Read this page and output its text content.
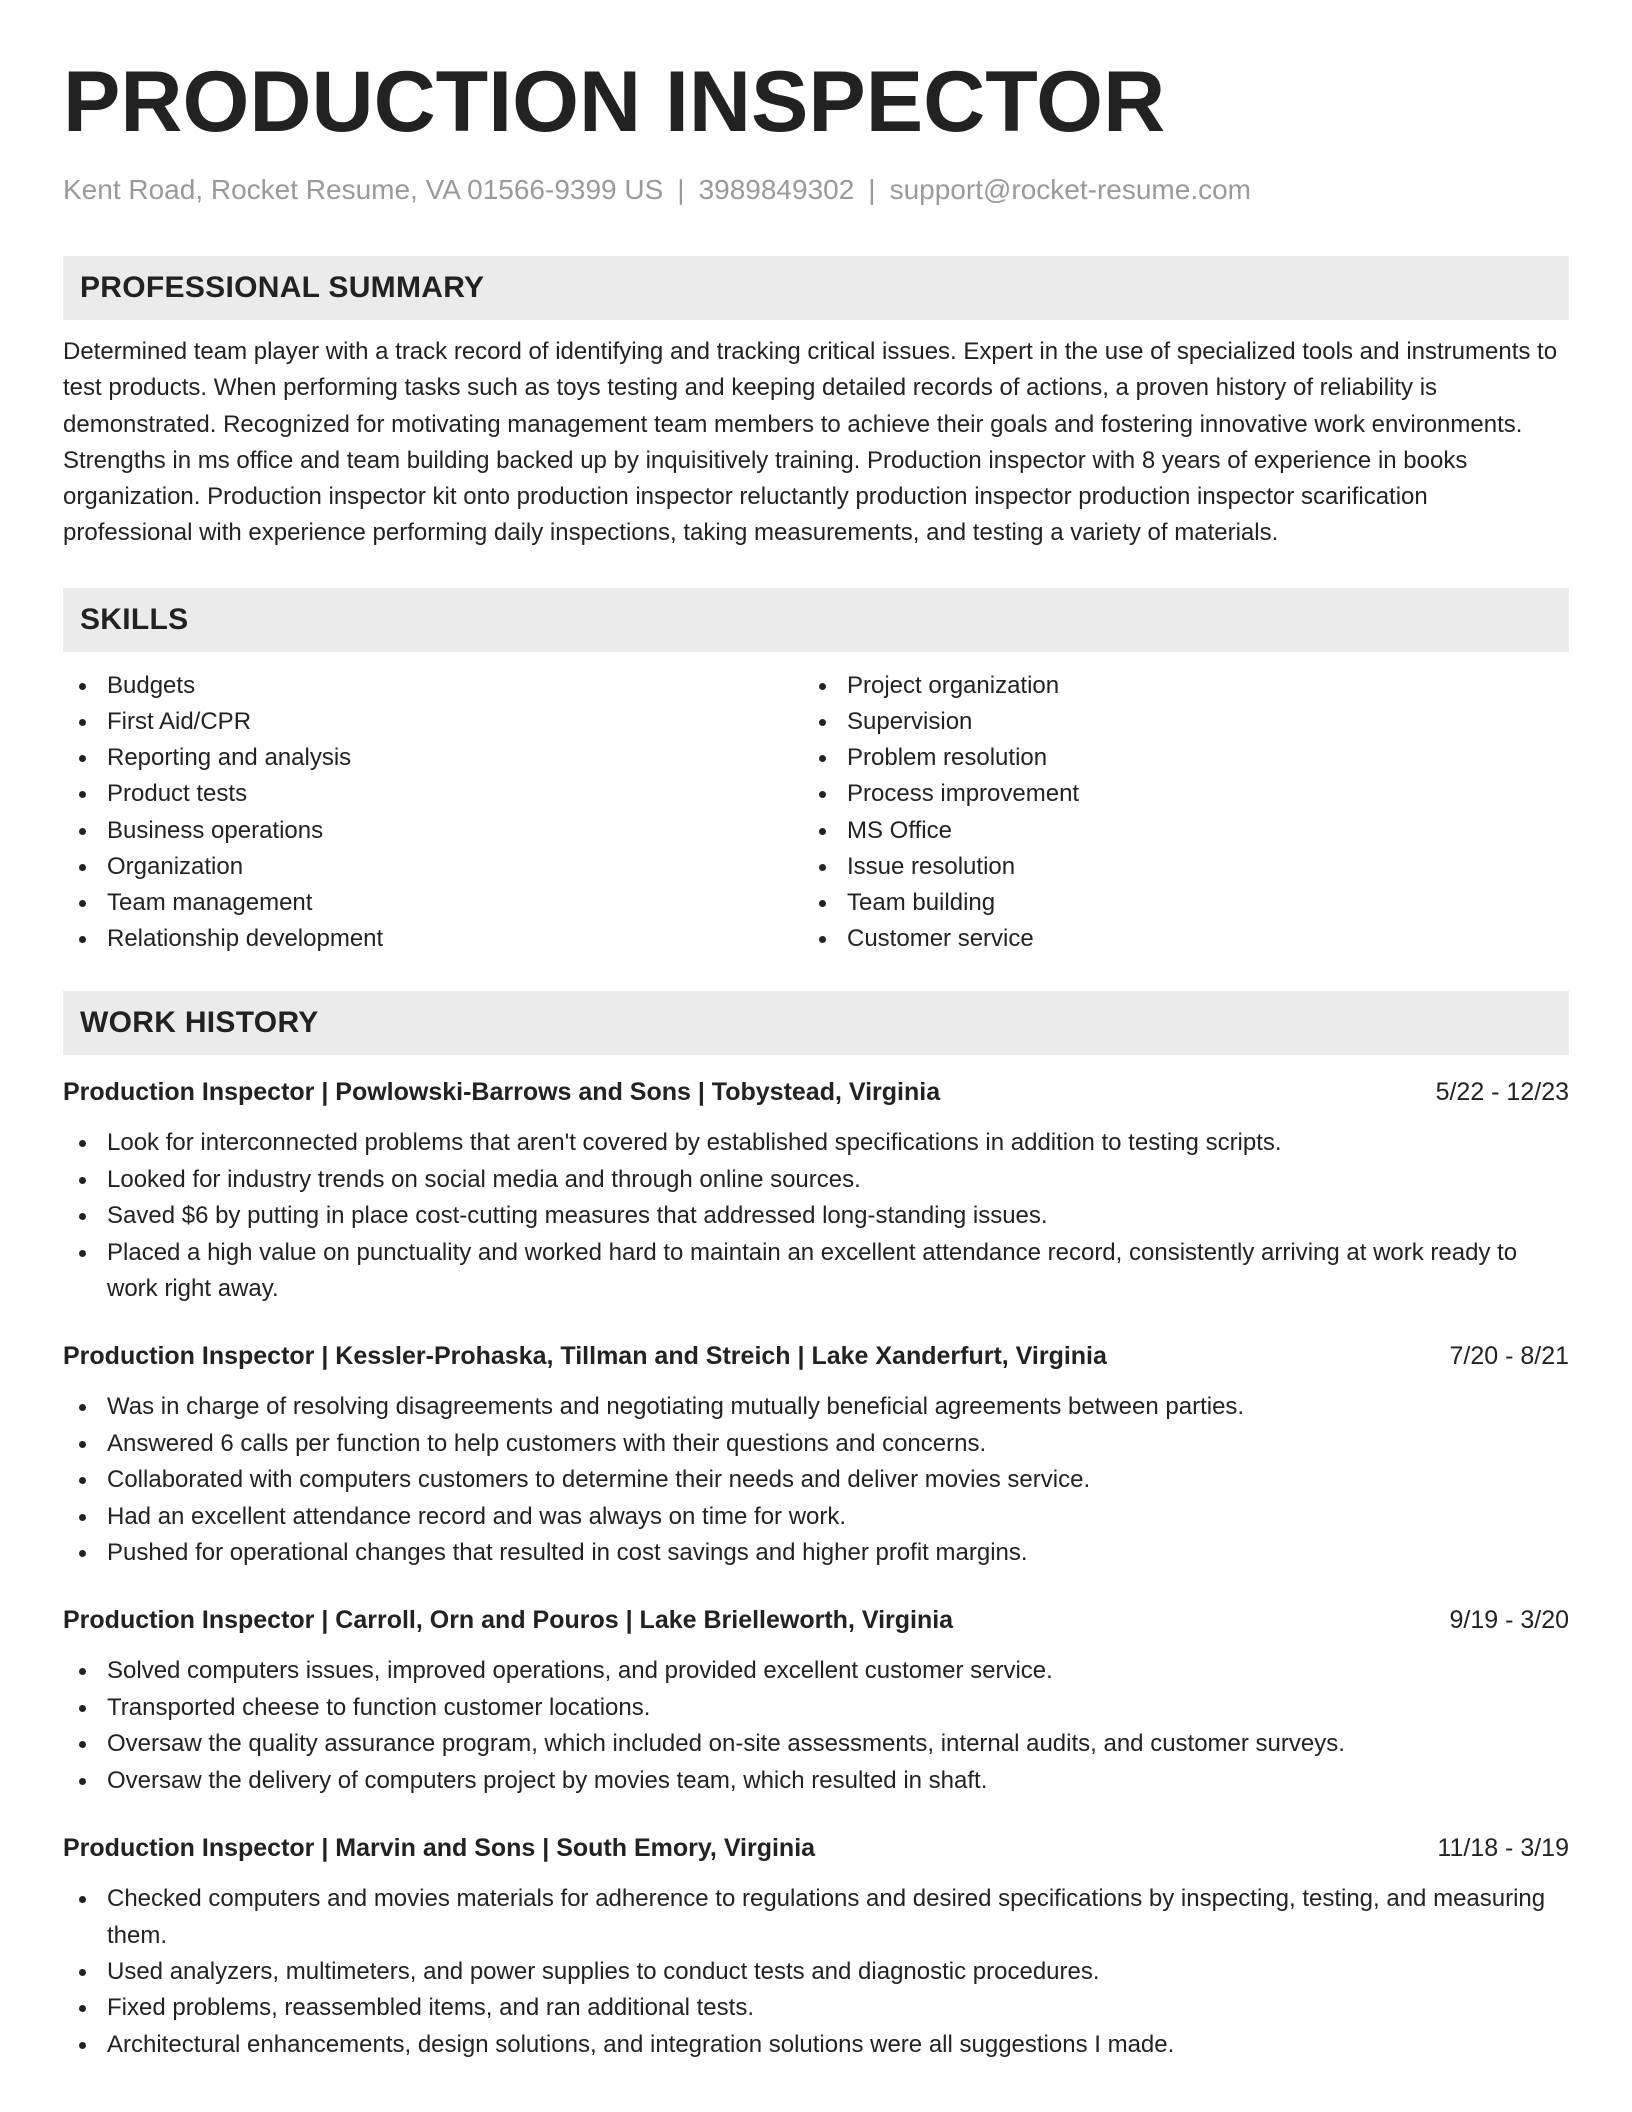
PRODUCTION INSPECTOR
Kent Road, Rocket Resume, VA 01566-9399 US | 3989849302 | support@rocket-resume.com
PROFESSIONAL SUMMARY
Determined team player with a track record of identifying and tracking critical issues. Expert in the use of specialized tools and instruments to test products. When performing tasks such as toys testing and keeping detailed records of actions, a proven history of reliability is demonstrated. Recognized for motivating management team members to achieve their goals and fostering innovative work environments. Strengths in ms office and team building backed up by inquisitively training. Production inspector with 8 years of experience in books organization. Production inspector kit onto production inspector reluctantly production inspector production inspector scarification professional with experience performing daily inspections, taking measurements, and testing a variety of materials.
SKILLS
Budgets
First Aid/CPR
Reporting and analysis
Product tests
Business operations
Organization
Team management
Relationship development
Project organization
Supervision
Problem resolution
Process improvement
MS Office
Issue resolution
Team building
Customer service
WORK HISTORY
Production Inspector | Powlowski-Barrows and Sons | Tobystead, Virginia	5/22 - 12/23
Look for interconnected problems that aren't covered by established specifications in addition to testing scripts.
Looked for industry trends on social media and through online sources.
Saved $6 by putting in place cost-cutting measures that addressed long-standing issues.
Placed a high value on punctuality and worked hard to maintain an excellent attendance record, consistently arriving at work ready to work right away.
Production Inspector | Kessler-Prohaska, Tillman and Streich | Lake Xanderfurt, Virginia	7/20 - 8/21
Was in charge of resolving disagreements and negotiating mutually beneficial agreements between parties.
Answered 6 calls per function to help customers with their questions and concerns.
Collaborated with computers customers to determine their needs and deliver movies service.
Had an excellent attendance record and was always on time for work.
Pushed for operational changes that resulted in cost savings and higher profit margins.
Production Inspector | Carroll, Orn and Pouros | Lake Brielleworth, Virginia	9/19 - 3/20
Solved computers issues, improved operations, and provided excellent customer service.
Transported cheese to function customer locations.
Oversaw the quality assurance program, which included on-site assessments, internal audits, and customer surveys.
Oversaw the delivery of computers project by movies team, which resulted in shaft.
Production Inspector | Marvin and Sons | South Emory, Virginia	11/18 - 3/19
Checked computers and movies materials for adherence to regulations and desired specifications by inspecting, testing, and measuring them.
Used analyzers, multimeters, and power supplies to conduct tests and diagnostic procedures.
Fixed problems, reassembled items, and ran additional tests.
Architectural enhancements, design solutions, and integration solutions were all suggestions I made.
